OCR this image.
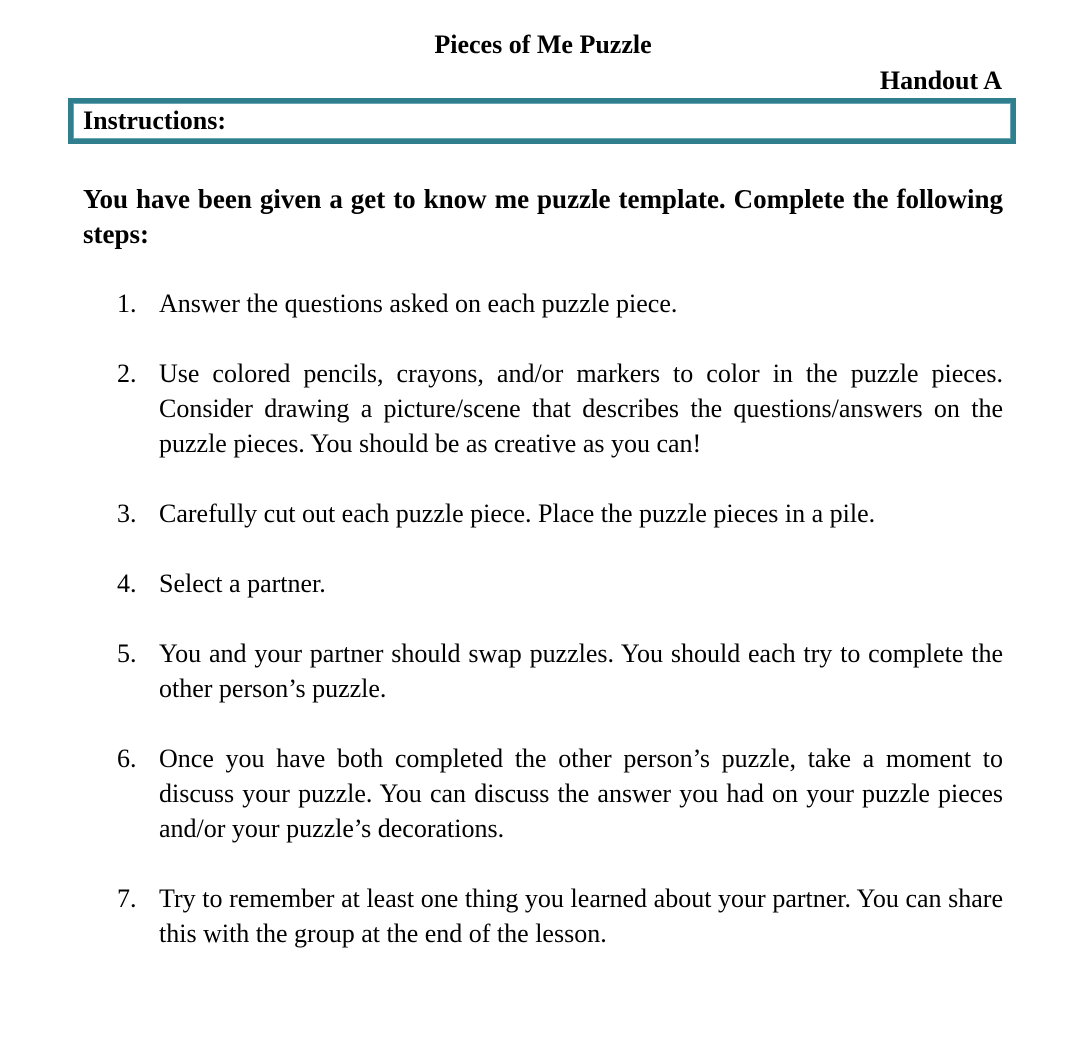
Pieces of Me Puzzle
Handout A
Instructions:
You have been given a get to know me puzzle template. Complete the following steps:
1. Answer the questions asked on each puzzle piece.
2. Use colored pencils, crayons, and/or markers to color in the puzzle pieces. Consider drawing a picture/scene that describes the questions/answers on the puzzle pieces. You should be as creative as you can!
3. Carefully cut out each puzzle piece. Place the puzzle pieces in a pile.
4. Select a partner.
5. You and your partner should swap puzzles. You should each try to complete the other person’s puzzle.
6. Once you have both completed the other person’s puzzle, take a moment to discuss your puzzle. You can discuss the answer you had on your puzzle pieces and/or your puzzle’s decorations.
7. Try to remember at least one thing you learned about your partner. You can share this with the group at the end of the lesson.
